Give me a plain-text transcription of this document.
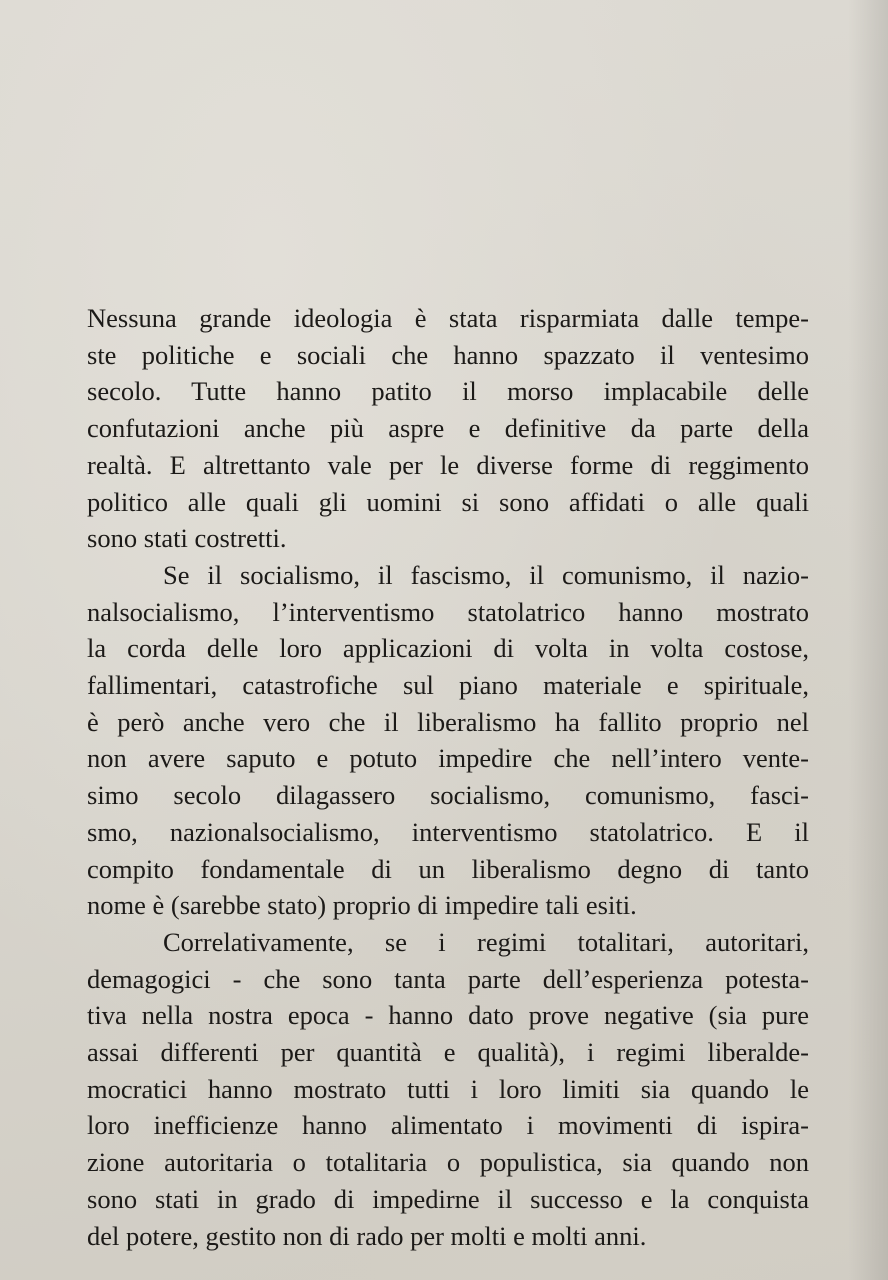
Nessuna grande ideologia è stata risparmiata dalle tempe-
ste politiche e sociali che hanno spazzato il ventesimo
secolo. Tutte hanno patito il morso implacabile delle
confutazioni anche più aspre e definitive da parte della
realtà. E altrettanto vale per le diverse forme di reggimento
politico alle quali gli uomini si sono affidati o alle quali
sono stati costretti.

Se il socialismo, il fascismo, il comunismo, il nazio-
nalsocialismo, l’interventismo statolatrico hanno mostrato
la corda delle loro applicazioni di volta in volta costose,
fallimentari, catastrofiche sul piano materiale e spirituale,
è però anche vero che il liberalismo ha fallito proprio nel
non avere saputo e potuto impedire che nell’intero vente-
simo secolo dilagassero socialismo, comunismo, fasci-
smo, nazionalsocialismo, interventismo statolatrico. E il
compito fondamentale di un liberalismo degno di tanto
nome è (sarebbe stato) proprio di impedire tali esiti.

Correlativamente, se i regimi totalitari, autoritari,
demagogici - che sono tanta parte dell’esperienza potesta-
tiva nella nostra epoca - hanno dato prove negative (sia pure
assai differenti per quantità e qualità), i regimi liberalde-
mocratici hanno mostrato tutti i loro limiti sia quando le
loro inefficienze hanno alimentato i movimenti di ispira-
zione autoritaria o totalitaria o populistica, sia quando non
sono stati in grado di impedirne il successo e la conquista
del potere, gestito non di rado per molti e molti anni.
